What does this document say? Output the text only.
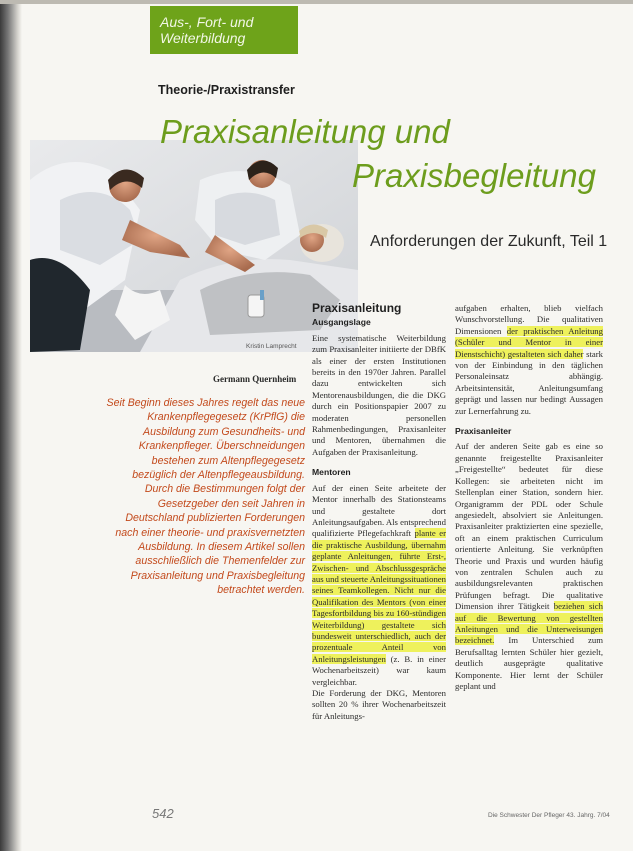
Aus-, Fort- und
Weiterbildung
Theorie-/Praxistransfer
Kristin Lamprecht
Praxisanleitung und
Praxisbegleitung
Anforderungen der Zukunft, Teil 1
Germann Quernheim
Seit Beginn dieses Jahres regelt das neue Krankenpflegegesetz (KrPflG) die Ausbildung zum Gesundheits- und Krankenpfleger. Überschneidungen bestehen zum Altenpflegegesetz bezüglich der Altenpflegeausbildung. Durch die Bestimmungen folgt der Gesetzgeber den seit Jahren in Deutschland publizierten Forderungen nach einer theorie- und praxisvernetzten Ausbildung. In diesem Artikel sollen ausschließlich die Themenfelder zur Praxisanleitung und Praxisbegleitung betrachtet werden.
Praxisanleitung
Ausgangslage

Eine systematische Weiterbildung zum Praxisanleiter initiierte der DBfK als einer der ersten Institutionen bereits in den 1970er Jahren. Parallel dazu entwickelten sich Mentorenausbildungen, die die DKG durch ein Positionspapier 2007 zu moderaten personellen Rahmenbedingungen, Praxisanleiter und Mentoren, übernahmen die Aufgaben der Praxisanleitung.

Mentoren

Auf der einen Seite arbeitete der Mentor innerhalb des Stationsteams und gestaltete dort Anleitungsaufgaben. Als entsprechend qualifizierte Pflegefachkraft plante er die praktische Ausbildung, übernahm geplante Anleitungen, führte Erst-, Zwischen- und Abschlussgespräche aus und steuerte Anleitungssituationen seines Teamkollegen. Nicht nur die Qualifikation des Mentors (von einer Tagesfortbildung bis zu 160-stündigen Weiterbildung) gestaltete sich bundesweit unterschiedlich, auch der prozentuale Anteil von Anleitungsleistungen (z. B. in einer Wochenarbeitszeit) war kaum vergleichbar.

Die Forderung der DKG, Mentoren sollten 20 % ihrer Wochenarbeitszeit für Anleitungs-

aufgaben erhalten, blieb vielfach Wunschvorstellung. Die qualitativen Dimensionen der praktischen Anleitung (Schüler und Mentor in einer Dienstschicht) gestalteten sich daher stark von der Einbindung in den täglichen Personaleinsatz abhängig. Arbeitsintensität, Anleitungsumfang geprägt und lassen nur bedingt Aussagen zur Lernerfahrung zu.

Praxisanleiter

Auf der anderen Seite gab es eine so genannte freigestellte Praxisanleiter „Freigestellte“ bedeutet für diese Kollegen: sie arbeiteten nicht im Stellenplan einer Station, sondern hier. Organigramm der PDL oder Schule angesiedelt, absolviert sie Anleitungen. Praxisanleiter praktizierten eine spezielle, oft an einem praktischen Curriculum orientierte Anleitung. Sie verknüpften Theorie und Praxis und wurden häufig von zentralen Schulen auch zu ausbildungsrelevanten praktischen Prüfungen befragt. Die qualitative Dimension ihrer Tätigkeit beziehen sich auf die Bewertung von gestellten Anleitungen und die Unterweisungen bezeichnet. Im Unterschied zum Berufsalltag lernten Schüler hier gezielt, deutlich ausgeprägte qualitative Komponente. Hier lernt der Schüler geplant und

542	Die Schwester Der Pfleger 43. Jahrg. 7/04
